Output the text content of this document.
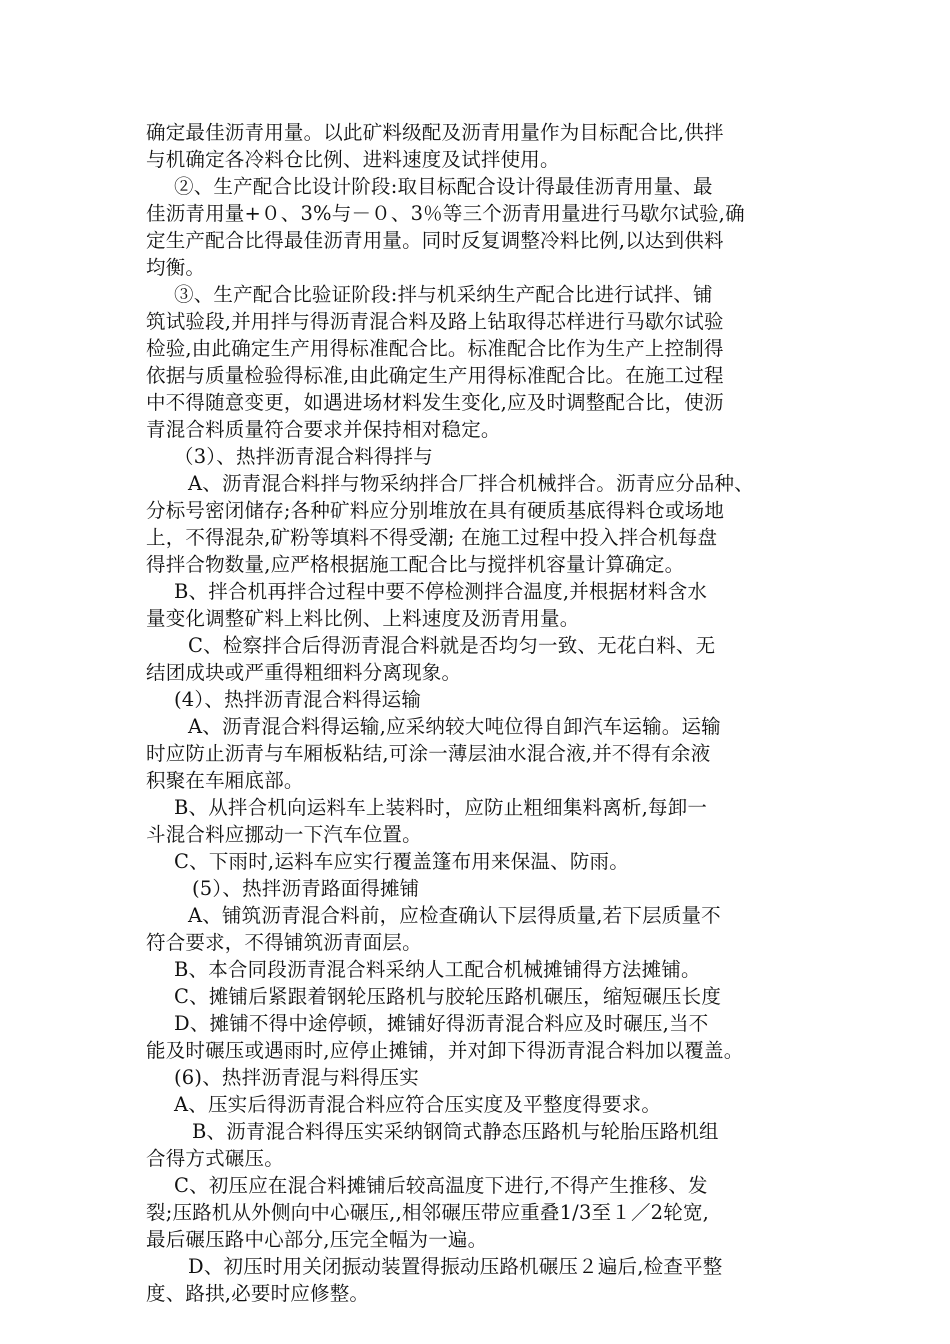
确定最佳沥青用量。以此矿料级配及沥青用量作为目标配合比,供拌
与机确定各冷料仓比例、进料速度及试拌使用。
②、生产配合比设计阶段:取目标配合设计得最佳沥青用量、最
佳沥青用量+０、3%与－０、3％等三个沥青用量进行马歇尔试验,确
定生产配合比得最佳沥青用量。同时反复调整冷料比例,以达到供料
均衡。
③、生产配合比验证阶段:拌与机采纳生产配合比进行试拌、铺
筑试验段,并用拌与得沥青混合料及路上钻取得芯样进行马歇尔试验
检验,由此确定生产用得标准配合比。标准配合比作为生产上控制得
依据与质量检验得标准,由此确定生产用得标准配合比。在施工过程
中不得随意变更，如遇进场材料发生变化,应及时调整配合比，使沥
青混合料质量符合要求并保持相对稳定。
（3）、热拌沥青混合料得拌与
A、沥青混合料拌与物采纳拌合厂拌合机械拌合。沥青应分品种、
分标号密闭储存;各种矿料应分别堆放在具有硬质基底得料仓或场地
上，不得混杂,矿粉等填料不得受潮; 在施工过程中投入拌合机每盘
得拌合物数量,应严格根据施工配合比与搅拌机容量计算确定。
B、拌合机再拌合过程中要不停检测拌合温度,并根据材料含水
量变化调整矿料上料比例、上料速度及沥青用量。
C、检察拌合后得沥青混合料就是否均匀一致、无花白料、无
结团成块或严重得粗细料分离现象。
(4）、热拌沥青混合料得运输
A、沥青混合料得运输,应采纳较大吨位得自卸汽车运输。运输
时应防止沥青与车厢板粘结,可涂一薄层油水混合液,并不得有余液
积聚在车厢底部。
B、从拌合机向运料车上装料时，应防止粗细集料离析,每卸一
斗混合料应挪动一下汽车位置。
C、下雨时,运料车应实行覆盖篷布用来保温、防雨。
(5）、热拌沥青路面得摊铺
A、铺筑沥青混合料前，应检查确认下层得质量,若下层质量不
符合要求，不得铺筑沥青面层。
B、本合同段沥青混合料采纳人工配合机械摊铺得方法摊铺。
C、摊铺后紧跟着钢轮压路机与胶轮压路机碾压，缩短碾压长度
D、摊铺不得中途停顿，摊铺好得沥青混合料应及时碾压,当不
能及时碾压或遇雨时,应停止摊铺，并对卸下得沥青混合料加以覆盖。
(6)、热拌沥青混与料得压实
A、压实后得沥青混合料应符合压实度及平整度得要求。
B、沥青混合料得压实采纳钢筒式静态压路机与轮胎压路机组
合得方式碾压。
C、初压应在混合料摊铺后较高温度下进行,不得产生推移、发
裂;压路机从外侧向中心碾压,,相邻碾压带应重叠1/3至１／2轮宽,
最后碾压路中心部分,压完全幅为一遍。
D、初压时用关闭振动装置得振动压路机碾压２遍后,检查平整
度、路拱,必要时应修整。
